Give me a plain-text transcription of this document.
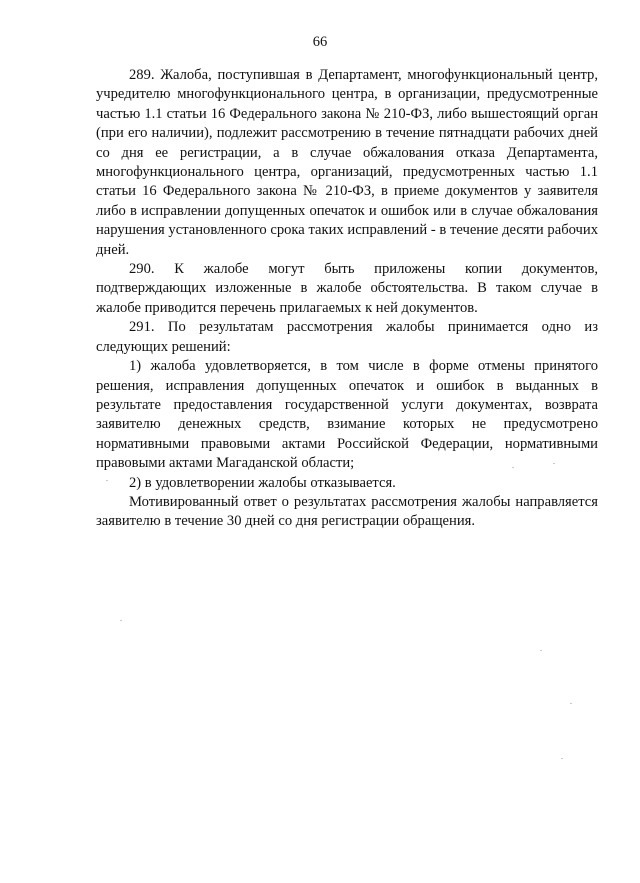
66

289. Жалоба, поступившая в Департамент, многофункциональный центр, учредителю многофункционального центра, в организации, предусмотренные частью 1.1 статьи 16 Федерального закона № 210-ФЗ, либо вышестоящий орган (при его наличии), подлежит рассмотрению в течение пятнадцати рабочих дней со дня ее регистрации, а в случае обжалования отказа Департамента, многофункционального центра, организаций, предусмотренных частью 1.1 статьи 16 Федерального закона № 210-ФЗ, в приеме документов у заявителя либо в исправлении допущенных опечаток и ошибок или в случае обжалования нарушения установленного срока таких исправлений - в течение десяти рабочих дней.

290. К жалобе могут быть приложены копии документов, подтверждающих изложенные в жалобе обстоятельства. В таком случае в жалобе приводится перечень прилагаемых к ней документов.

291. По результатам рассмотрения жалобы принимается одно из следующих решений:

1) жалоба удовлетворяется, в том числе в форме отмены принятого решения, исправления допущенных опечаток и ошибок в выданных в результате предоставления государственной услуги документах, возврата заявителю денежных средств, взимание которых не предусмотрено нормативными правовыми актами Российской Федерации, нормативными правовыми актами Магаданской области;

2) в удовлетворении жалобы отказывается.

Мотивированный ответ о результатах рассмотрения жалобы направляется заявителю в течение 30 дней со дня регистрации обращения.
